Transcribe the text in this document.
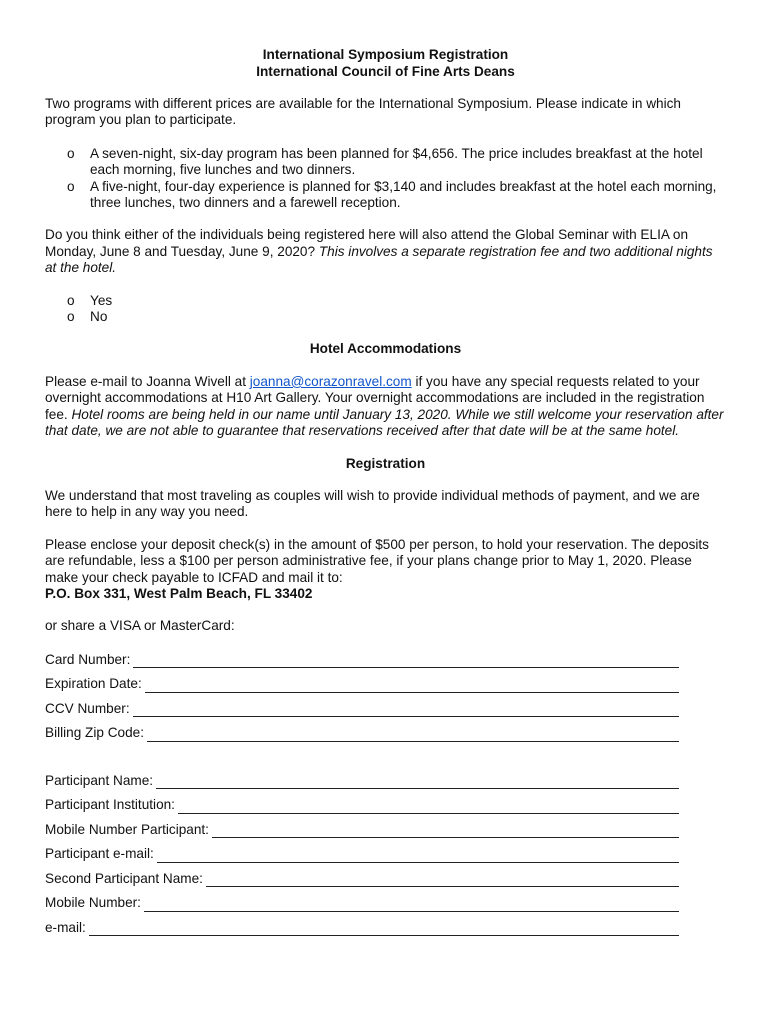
International Symposium Registration

International Council of Fine Arts Deans

Two programs with different prices are available for the International Symposium. Please indicate in which program you plan to participate.

o A seven-night, six-day program has been planned for $4,656. The price includes breakfast at the hotel each morning, five lunches and two dinners.
o A five-night, four-day experience is planned for $3,140 and includes breakfast at the hotel each morning, three lunches, two dinners and a farewell reception.

Do you think either of the individuals being registered here will also attend the Global Seminar with ELIA on Monday, June 8 and Tuesday, June 9, 2020? This involves a separate registration fee and two additional nights at the hotel.

o Yes
o No

Hotel Accommodations

Please e-mail to Joanna Wivell at joanna@corazonravel.com if you have any special requests related to your overnight accommodations at H10 Art Gallery. Your overnight accommodations are included in the registration fee. Hotel rooms are being held in our name until January 13, 2020. While we still welcome your reservation after that date, we are not able to guarantee that reservations received after that date will be at the same hotel.

Registration

We understand that most traveling as couples will wish to provide individual methods of payment, and we are here to help in any way you need.

Please enclose your deposit check(s) in the amount of $500 per person, to hold your reservation. The deposits are refundable, less a $100 per person administrative fee, if your plans change prior to May 1, 2020. Please make your check payable to ICFAD and mail it to:

P.O. Box 331, West Palm Beach, FL 33402

or share a VISA or MasterCard:

Card Number:
Expiration Date:
CCV Number:
Billing Zip Code:
Participant Name:
Participant Institution:
Mobile Number Participant:
Participant e-mail:
Second Participant Name:
Mobile Number:
e-mail:
